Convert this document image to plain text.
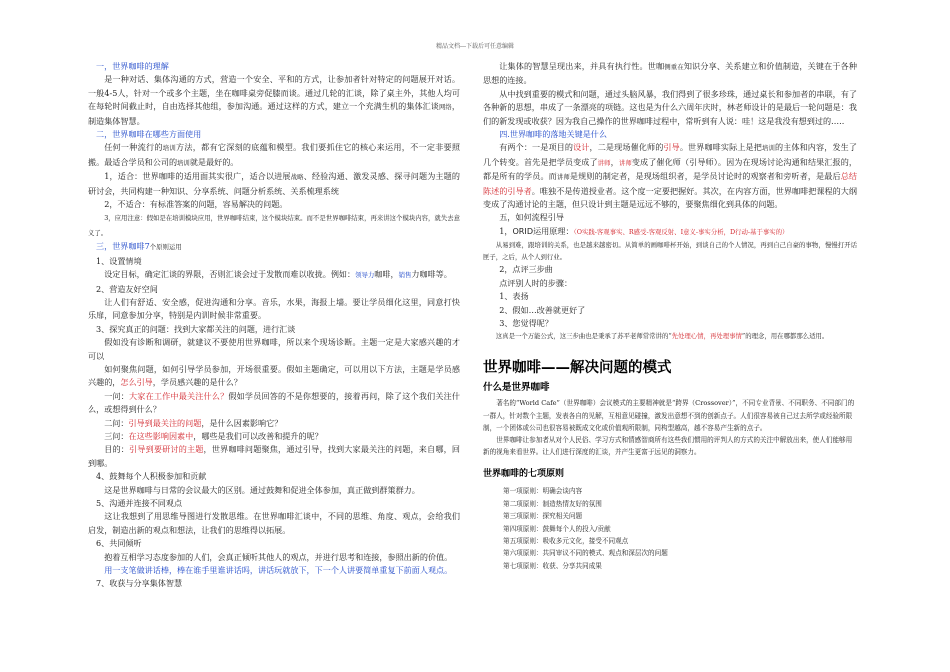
精品文档---下载后可任意编辑

一，世界咖啡的理解

是一种对话、集体沟通的方式，营造一个安全、平和的方式，让参加者针对特定的问题展开对话。一般4-5人，针对一个或多个主题，坐在咖啡桌旁促膝而谈。通过几轮的汇谈，除了桌主外，其他人均可在每轮时间截止时，自由选择其他组，参加沟通。通过这样的方式，建立一个充满生机的集体汇谈网络，制造集体智慧。

二，世界咖啡在哪些方面使用

任何一种流行的培训方法，都有它深刻的底蕴和模型。我们要抓住它的核心来运用，不一定非要照搬。最适合学员和公司的培训就是最好的。

1，适合：世界咖啡的适用面其实很广，适合以进展战略、经验沟通、激发灵感、探寻问题为主题的研讨会，共同构建一种知识、分享系统、问题分析系统、关系梳理系统

2，不适合：有标准答案的问题，容易解决的问题。

3，应用注意：假如是在培训模块应用，世界咖啡结束，这个模块结束。而不是世界咖啡结束，再来讲这个模块内容，就失去意义了。

三，世界咖啡7个原则运用

1、设置情境

设定目标，确定汇谈的界限，否则汇谈会过于发散而难以收拢。例如：领导力咖啡，销售力咖啡等。

2、营造友好空间

让人们有舒适、安全感，促进沟通和分享。音乐，水果，海报上墙。要让学员细化这里，同意打快乐扉，同意参加分享，特别是内训时候非常重要。

3、探究真正的问题：找到大家都关注的问题，进行汇谈

假如没有诊断和调研，就建议不要使用世界咖啡，所以来个现场诊断。主题一定是大家感兴趣的才可以

如何聚焦问题，如何引导学员参加，开场很重要。假如主题确定，可以用以下方法，主题是学员感兴趣的，怎么引导，学员感兴趣的是什么？

一问：大家在工作中最关注什么？假如学员回答的不是你想要的，接着再问，除了这个我们关注什么，或想得到什么？

二问：引导到最关注的问题，是什么因素影响它？

三问：在这些影响因素中，哪些是我们可以改善和提升的呢？

目的：引导到要研讨的主题，世界咖啡问题聚焦，通过引导，找到大家最关注的问题，来自哪，回到哪。

4、鼓舞每个人积极参加和贡献

这是世界咖啡与日常的会议最大的区别。通过鼓舞和促进全体参加，真正做到群策群力。

5、沟通并连接不同观点

这让我想到了用思维导图进行发散思维。在世界咖啡汇谈中，不同的思维、角度、观点，会给我们启发，制造出新的观点和想法，让我们的思维得以拓展。

6、共同倾听

抱着互相学习态度参加的人们，会真正倾听其他人的观点，并进行思考和连接，参照出新的价值。

用一支笔做讲话棒，棒在谁手里谁讲话吗，讲话玩就放下，下一个人讲要简单重复下前面人观点。

7、收获与分享集体智慧

让集体的智慧呈现出来，并具有执行性。世咖侧重在知识分享、关系建立和价值制造，关键在于各种思想的连接。

从中找到重要的模式和问题，通过头脑风暴，我们得到了很多珍珠，通过桌长和参加者的串联，有了各种新的思想，串成了一条漂亮的项链。这也是为什么六周年庆时，林老师设计的是最后一轮问题是：我们的新发现或收获？因为我自己操作的世界咖啡过程中，常听到有人说：哇！这是我没有想到过的…..

四.世界咖啡的落地关键是什么

有两个：一是项目的设计，二是现场催化师的引导。世界咖啡实际上是把培训的主体和内容，发生了几个转变。首先是把学员变成了讲师，讲师变成了催化师（引导师）。因为在现场讨论沟通和结果汇报的，都是所有的学员。而讲师是规则的制定者，是现场组织者，是学员讨论时的观察者和旁听者，是最后总结陈述的引导者。唯独不是传道授业者。这个度一定要把握好。其次，在内容方面，世界咖啡把课程的大纲变成了沟通讨论的主题，但只设计到主题是远远不够的，要聚焦细化到具体的问题。

五，如何流程引导

1，ORID运用原理：（O实践-客观事实、R感受-客观反射、I意义-事实分析，D行动-基于事实的）

从易到难，跟培训的关系，也是越来越密切。从简单的画咖啡杯开始，到谈自己的个人情况，再到自己自豪的事物，慢慢打开话匣子，之后，从个人到行业。

2，点评三步曲

点评别人时的步骤：

1、表扬

2、假如…改善就更好了

3、您觉得呢？

这真是一个万能公式，这三步曲也是秉承了苏平老师常常讲的“先处理心情，再处理事情”的理念，用在哪都那么适用。

世界咖啡——解决问题的模式
什么是世界咖啡

著名的“World Cafe”（世界咖啡）会议模式的主要精神就是“跨界（Crossover）”，不同专业背景、不同职务、不同部门的一群人，针对数个主题，发表各自的见解，互相意见碰撞，激发出意想不到的创新点子。人们很容易被自己过去所学或经验所限制，一个团体或公司也很容易被既成文化或价值观所限制，同构型越高，越不容易产生新的点子。

世界咖啡让参加者从对个人民俗、学习方式和情感智商所有这些我们惯用的评判人的方式的关注中解放出来，使人们能够用新的视角来看世界。让人们进行深度的汇谈，并产生更富于远见的洞察力。

世界咖啡的七项原则
第一项原则：明确会谈内容
第二项原则：制造热情友好的氛围
第三项原则：探究相关问题
第四项原则：鼓舞每个人的投入/贡献
第五项原则：吸收多元文化，接受不同观点
第六项原则：共同审议不同的模式、观点和深层次的问题
第七项原则：收获、分享共同成果
